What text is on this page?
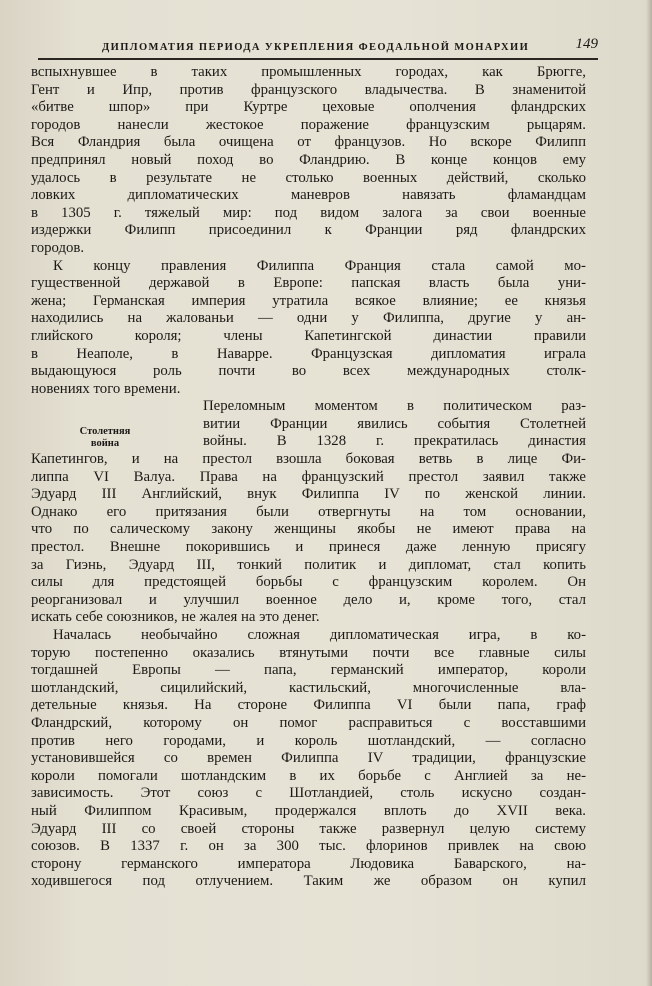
ДИПЛОМАТИЯ ПЕРИОДА УКРЕПЛЕНИЯ ФЕОДАЛЬНОЙ МОНАРХИИ	149
Столетняя
война
вспыхнувшее в таких промышленных городах, как Брюгге,
Гент и Ипр, против французского владычества. В знаменитой
«битве шпор» при Куртре цеховые ополчения фландрских
городов нанесли жестокое поражение французским рыцарям.
Вся Фландрия была очищена от французов. Но вскоре Филипп
предпринял новый поход во Фландрию. В конце концов ему
удалось в результате не столько военных действий, сколько
ловких дипломатических маневров навязать фламандцам
в 1305 г. тяжелый мир: под видом залога за свои военные
издержки Филипп присоединил к Франции ряд фландрских
городов.
К концу правления Филиппа Франция стала самой мо-
гущественной державой в Европе: папская власть была уни-
жена; Германская империя утратила всякое влияние; ее князья
находились на жалованьи — одни у Филиппа, другие у ан-
глийского короля; члены Капетингской династии правили
в Неаполе, в Наварре. Французская дипломатия играла
выдающуюся роль почти во всех международных столк-
новениях того времени.
Переломным моментом в политическом раз-
витии Франции явились события Столетней
войны. В 1328 г. прекратилась династия
Капетингов, и на престол взошла боковая ветвь в лице Фи-
липпа VI Валуа. Права на французский престол заявил также
Эдуард III Английский, внук Филиппа IV по женской линии.
Однако его притязания были отвергнуты на том основании,
что по салическому закону женщины якобы не имеют права на
престол. Внешне покорившись и принеся даже ленную присягу
за Гиэнь, Эдуард III, тонкий политик и дипломат, стал копить
силы для предстоящей борьбы с французским королем. Он
реорганизовал и улучшил военное дело и, кроме того, стал
искать себе союзников, не жалея на это денег.
Началась необычайно сложная дипломатическая игра, в ко-
торую постепенно оказались втянутыми почти все главные силы
тогдашней Европы — папа, германский император, короли
шотландский, сицилийский, кастильский, многочисленные вла-
детельные князья. На стороне Филиппа VI были папа, граф
Фландрский, которому он помог расправиться с восставшими
против него городами, и король шотландский, — согласно
установившейся со времен Филиппа IV традиции, французские
короли помогали шотландским в их борьбе с Англией за не-
зависимость. Этот союз с Шотландией, столь искусно создан-
ный Филиппом Красивым, продержался вплоть до XVII века.
Эдуард III со своей стороны также развернул целую систему
союзов. В 1337 г. он за 300 тыс. флоринов привлек на свою
сторону германского императора Людовика Баварского, на-
ходившегося под отлучением. Таким же образом он купил
